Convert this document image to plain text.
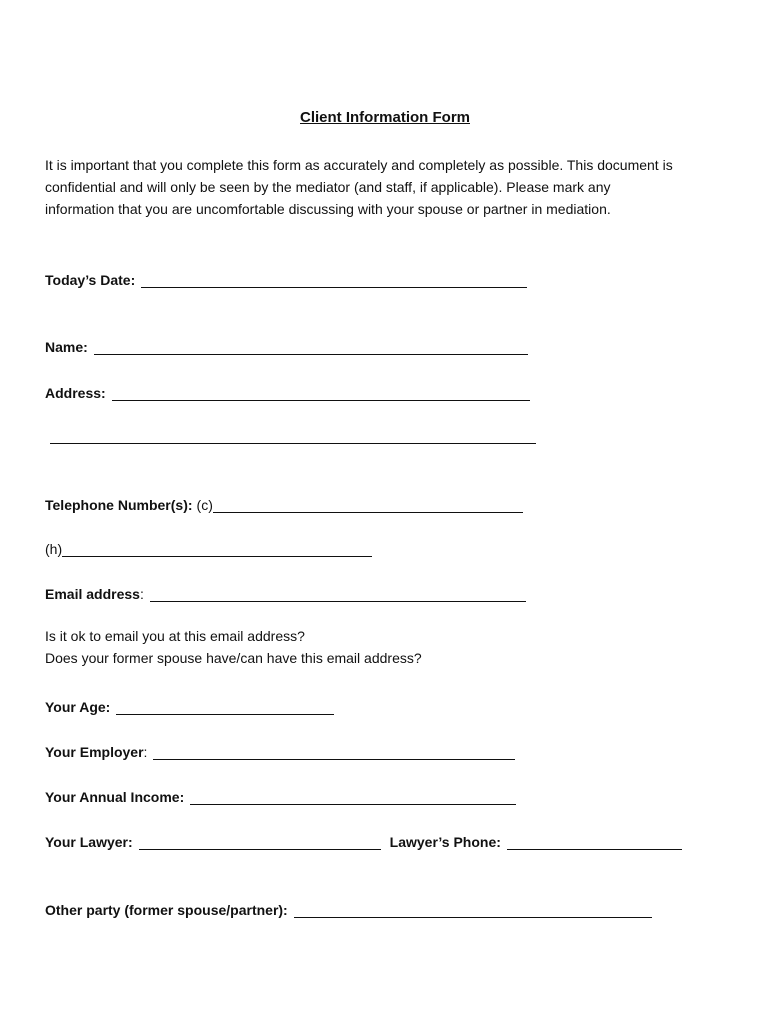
Client Information Form
It is important that you complete this form as accurately and completely as possible. This document is
confidential and will only be seen by the mediator (and staff, if applicable). Please mark any
information that you are uncomfortable discussing with your spouse or partner in mediation.
Today’s Date:
Name:
Address:
Telephone Number(s): (c)
(h)
Email address :
Is it ok to email you at this email address?
Does your former spouse have/can have this email address?
Your Age:
Your Employer :
Your Annual Income:
Your Lawyer:	Lawyer’s Phone:
Other party (former spouse/partner):
